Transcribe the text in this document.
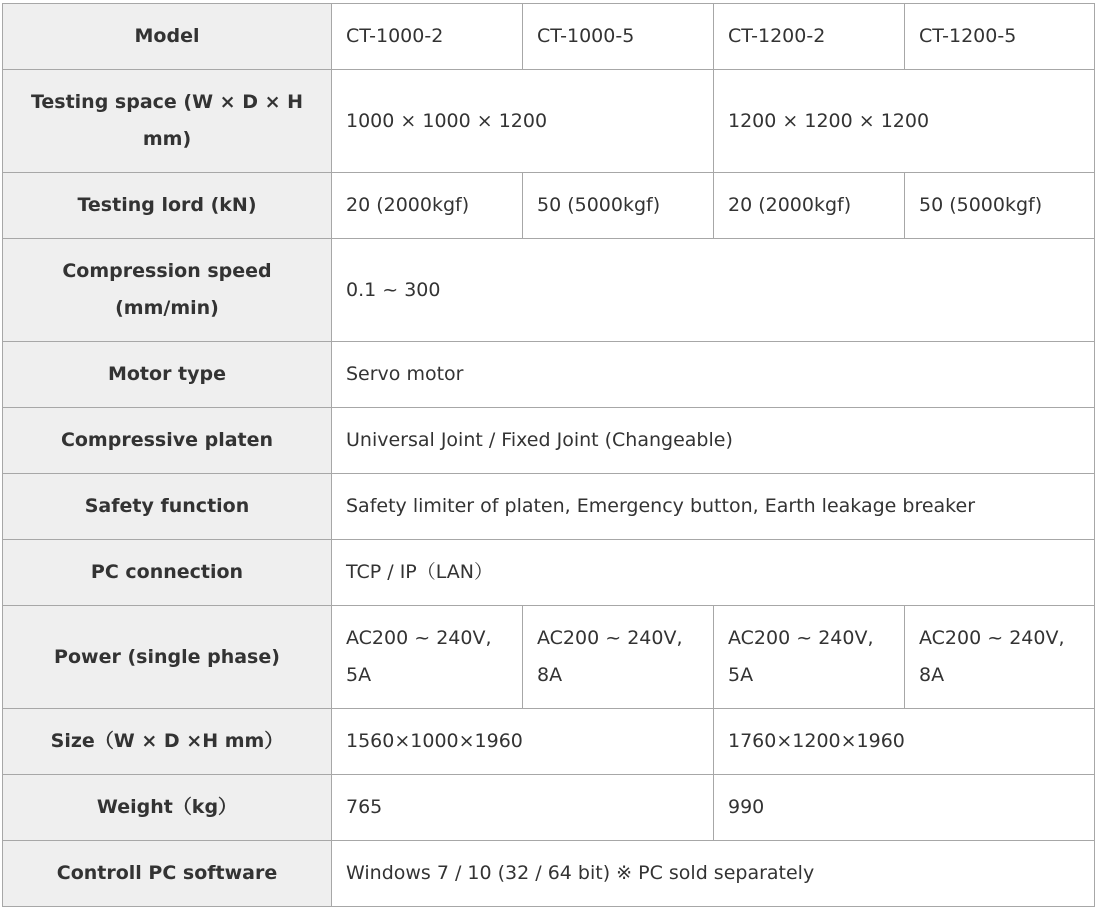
Model	CT-1000-2	CT-1000-5	CT-1200-2	CT-1200-5
Testing space (W × D × H mm)	1000 × 1000 × 1200		1200 × 1200 × 1200	
Testing lord (kN)	20 (2000kgf)	50 (5000kgf)	20 (2000kgf)	50 (5000kgf)
Compression speed (mm/min)	0.1 ~ 300			
Motor type	Servo motor			
Compressive platen	Universal Joint / Fixed Joint (Changeable)			
Safety function	Safety limiter of platen, Emergency button, Earth leakage breaker			
PC connection	TCP / IP（LAN）			
Power (single phase)	AC200 ~ 240V, 5A	AC200 ~ 240V, 8A	AC200 ~ 240V, 5A	AC200 ~ 240V, 8A
Size（W × D ×H mm）	1560×1000×1960		1760×1200×1960	
Weight（kg）	765		990	
Controll PC software	Windows 7 / 10 (32 / 64 bit) ※ PC sold separately			
